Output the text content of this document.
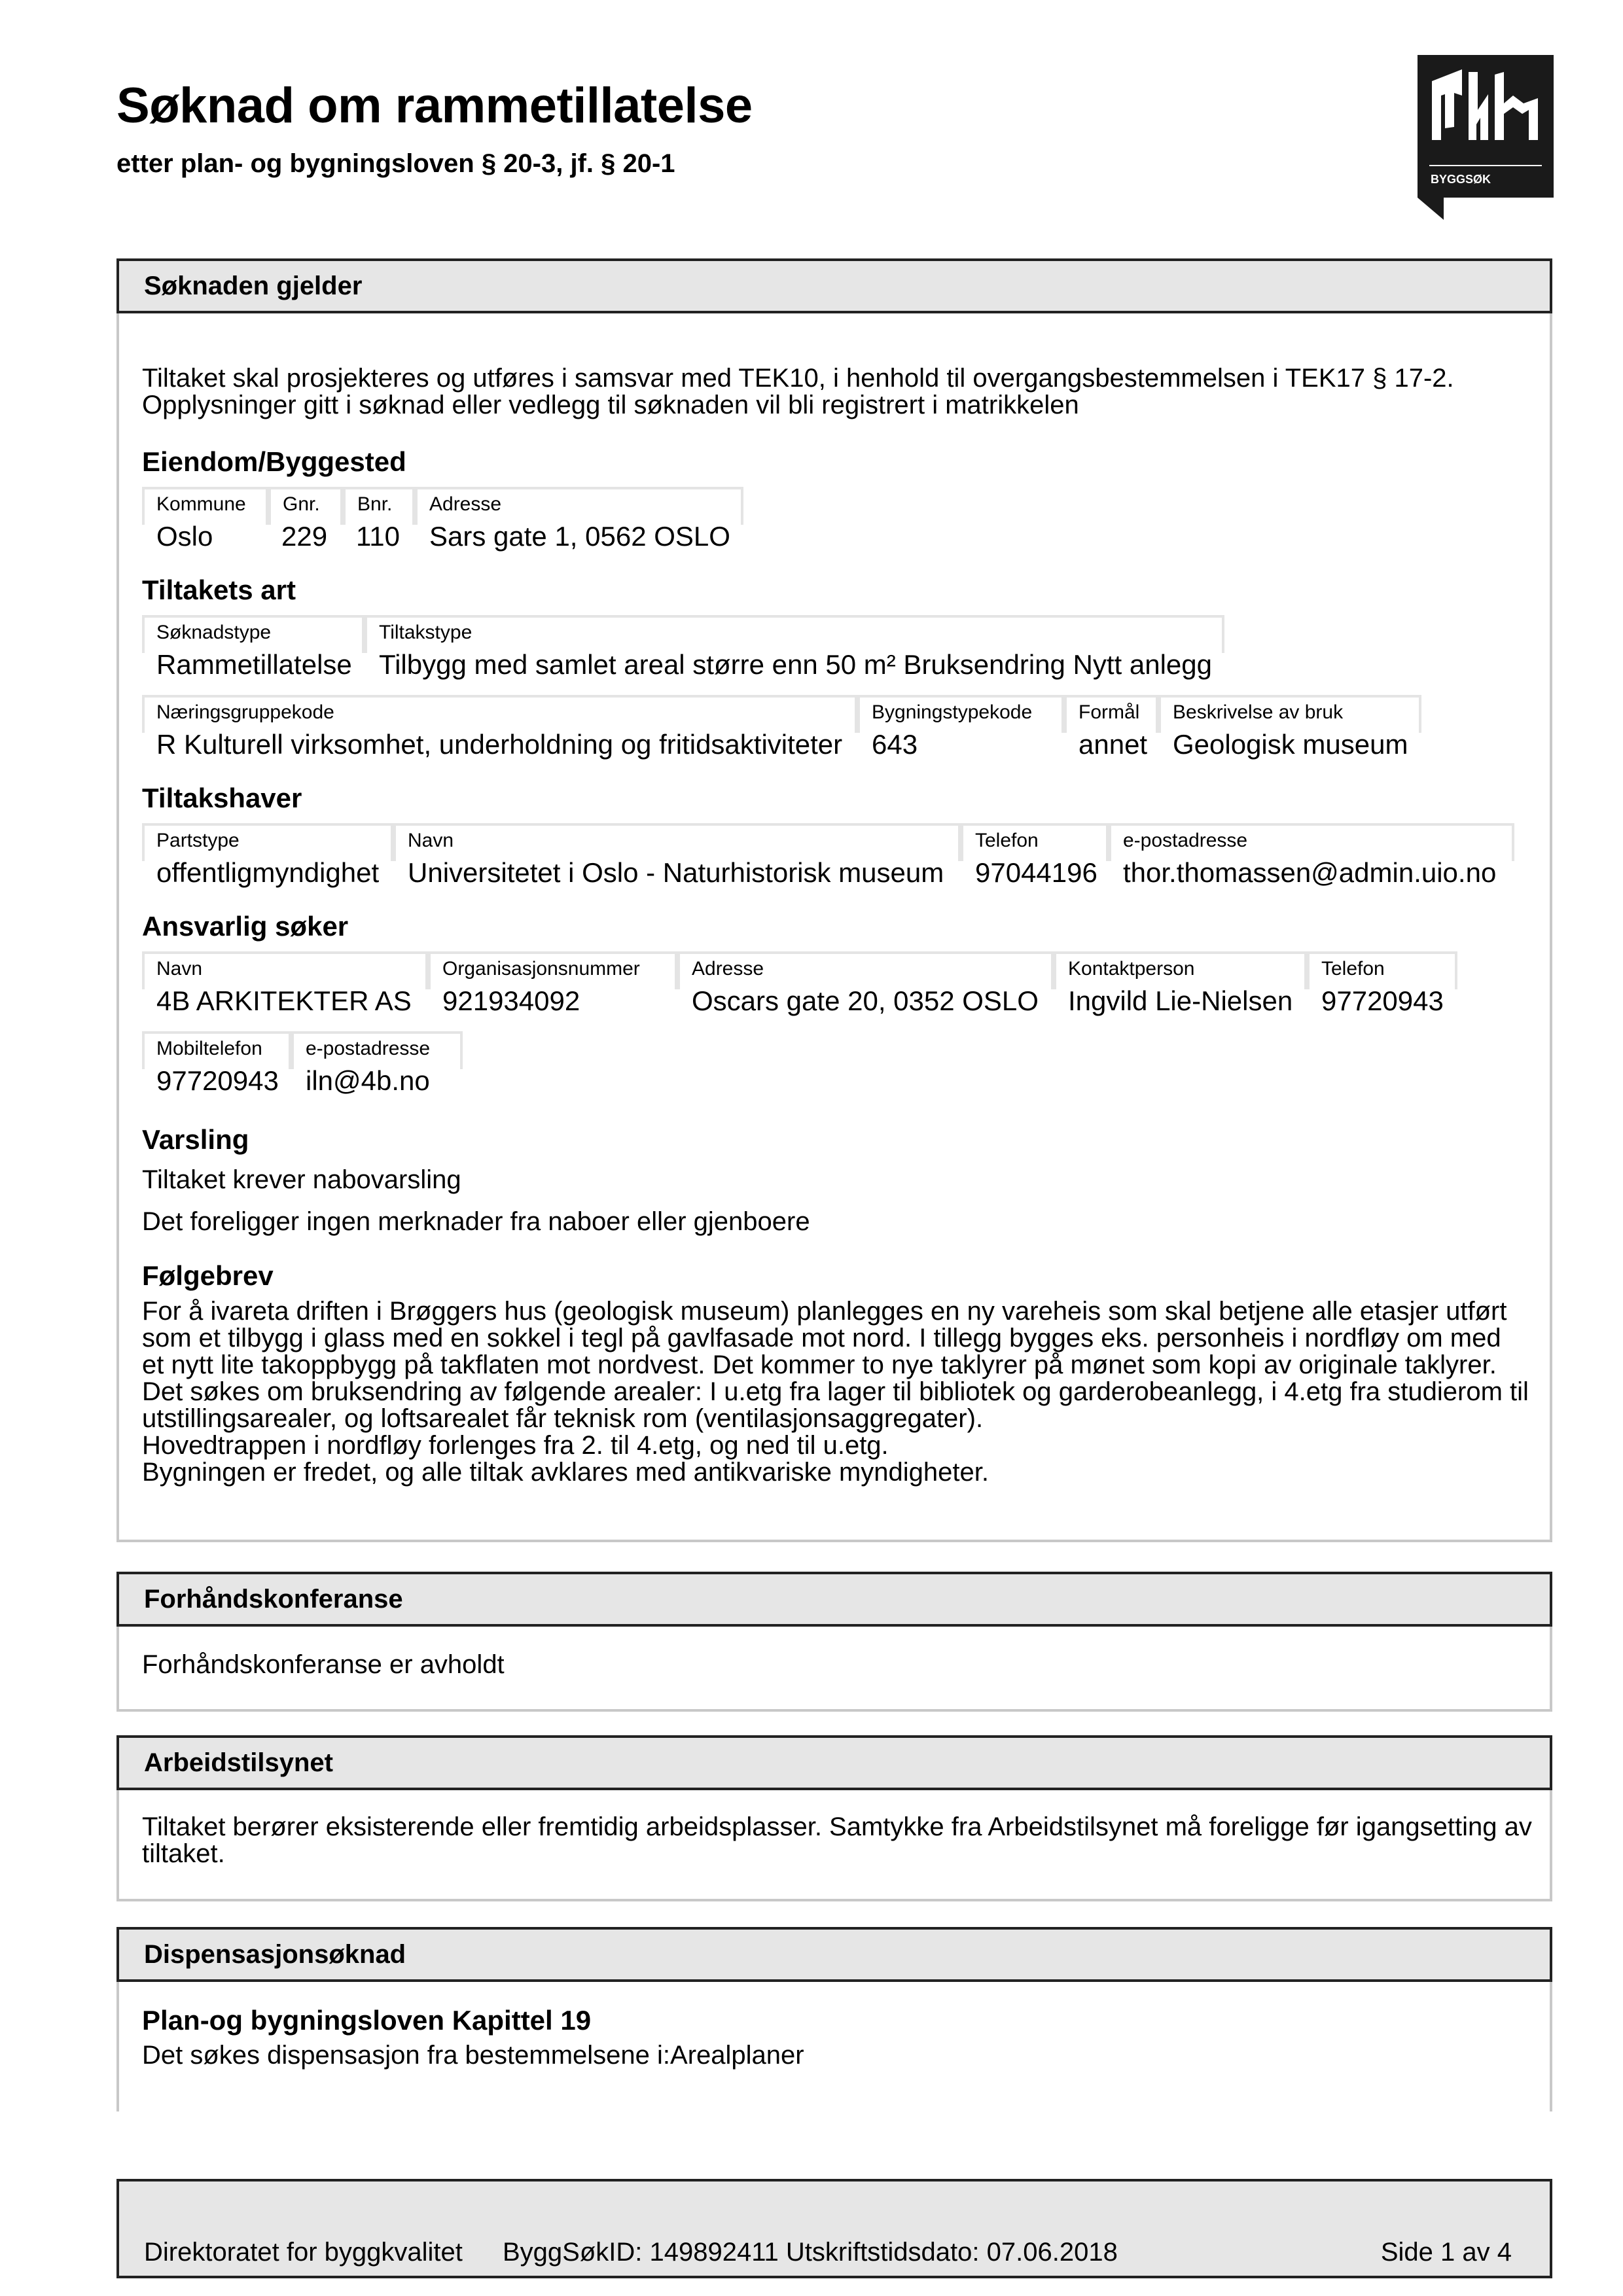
Søknad om rammetillatelse
etter plan- og bygningsloven § 20-3, jf. § 20-1
BYGGSØK
Søknaden gjelder
Tiltaket skal prosjekteres og utføres i samsvar med TEK10, i henhold til overgangsbestemmelsen i TEK17 § 17-2. Opplysninger gitt i søknad eller vedlegg til søknaden vil bli registrert i matrikkelen
Eiendom/Byggested
Kommune
Oslo
Gnr.
229
Bnr.
110
Adresse
Sars gate 1, 0562 OSLO
Tiltakets art
Søknadstype
Rammetillatelse
Tiltakstype
Tilbygg med samlet areal større enn 50 m² Bruksendring Nytt anlegg
Næringsgruppekode
R Kulturell virksomhet, underholdning og fritidsaktiviteter
Bygningstypekode
643
Formål
annet
Beskrivelse av bruk
Geologisk museum
Tiltakshaver
Partstype
offentligmyndighet
Navn
Universitetet i Oslo - Naturhistorisk museum
Telefon
97044196
e-postadresse
thor.thomassen@admin.uio.no
Ansvarlig søker
Navn
4B ARKITEKTER AS
Organisasjonsnummer
921934092
Adresse
Oscars gate 20, 0352 OSLO
Kontaktperson
Ingvild Lie-Nielsen
Telefon
97720943
Mobiltelefon
97720943
e-postadresse
iln@4b.no
Varsling
Tiltaket krever nabovarsling
Det foreligger ingen merknader fra naboer eller gjenboere
Følgebrev
For å ivareta driften i Brøggers hus (geologisk museum) planlegges en ny vareheis som skal betjene alle etasjer utført som et tilbygg i glass med en sokkel i tegl på gavlfasade mot nord. I tillegg bygges eks. personheis i nordfløy om med et nytt lite takoppbygg på takflaten mot nordvest. Det kommer to nye taklyrer på mønet som kopi av originale taklyrer.
Det søkes om bruksendring av følgende arealer: I u.etg fra lager til bibliotek og garderobeanlegg, i 4.etg fra studierom til utstillingsarealer, og loftsarealet får teknisk rom (ventilasjonsaggregater).
Hovedtrappen i nordfløy forlenges fra 2. til 4.etg, og ned til u.etg.
Bygningen er fredet, og alle tiltak avklares med antikvariske myndigheter.
Forhåndskonferanse
Forhåndskonferanse er avholdt
Arbeidstilsynet
Tiltaket berører eksisterende eller fremtidig arbeidsplasser. Samtykke fra Arbeidstilsynet må foreligge før igangsetting av tiltaket.
Dispensasjonsøknad
Plan-og bygningsloven Kapittel 19
Det søkes dispensasjon fra bestemmelsene i:Arealplaner
Direktoratet for byggkvalitet ByggSøkID: 149892411 Utskriftstidsdato: 07.06.2018	Side 1 av 4
